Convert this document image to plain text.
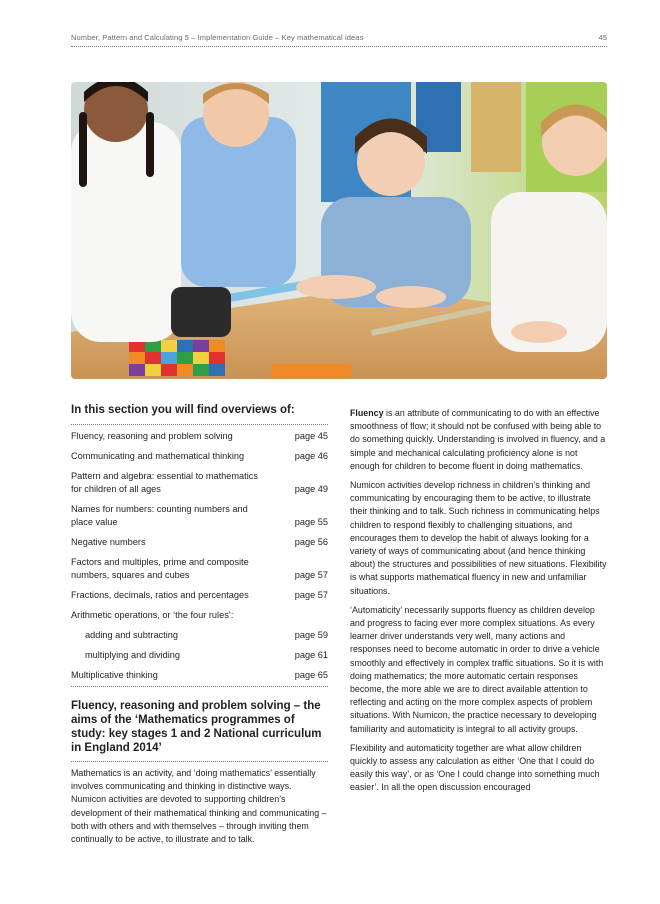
Number, Pattern and Calculating 5 – Implementation Guide – Key mathematical ideas	45
In this section you will find overviews of:
Fluency, reasoning and problem solving	page 45
Communicating and mathematical thinking	page 46
Pattern and algebra: essential to mathematics for children of all ages	page 49
Names for numbers: counting numbers and place value	page 55
Negative numbers	page 56
Factors and multiples, prime and composite numbers, squares and cubes	page 57
Fractions, decimals, ratios and percentages	page 57
Arithmetic operations, or ‘the four rules’:
adding and subtracting	page 59
multiplying and dividing	page 61
Multiplicative thinking	page 65
Fluency, reasoning and problem solving – the aims of the ‘Mathematics programmes of study: key stages 1 and 2 National curriculum in England 2014’

Mathematics is an activity, and ‘doing mathematics’ essentially involves communicating and thinking in distinctive ways. Numicon activities are devoted to supporting children’s development of their mathematical thinking and communicating – both with others and with themselves – through inviting them continually to be active, to illustrate and to talk.

Fluency is an attribute of communicating to do with an effective smoothness of flow; it should not be confused with being able to do something quickly. Understanding is involved in fluency, and a simple and mechanical calculating proficiency alone is not enough for children to become fluent in doing mathematics.

Numicon activities develop richness in children’s thinking and communicating by encouraging them to be active, to illustrate their thinking and to talk. Such richness in communicating helps children to respond flexibly to challenging situations, and encourages them to develop the habit of always looking for a variety of ways of communicating about (and hence thinking about) the structures and possibilities of new situations. Flexibility is what supports mathematical fluency in new and unfamiliar situations.

‘Automaticity’ necessarily supports fluency as children develop and progress to facing ever more complex situations. As every learner driver understands very well, many actions and responses need to become automatic in order to drive a vehicle smoothly and effectively in complex traffic situations. So it is with doing mathematics; the more automatic certain responses become, the more able we are to direct available attention to reflecting and acting on the more complex aspects of problem situations. With Numicon, the practice necessary to developing familiarity and automaticity is integral to all activity groups.

Flexibility and automaticity together are what allow children quickly to assess any calculation as either ‘One that I could do easily this way’, or as ‘One I could change into something much easier’. In all the open discussion encouraged
